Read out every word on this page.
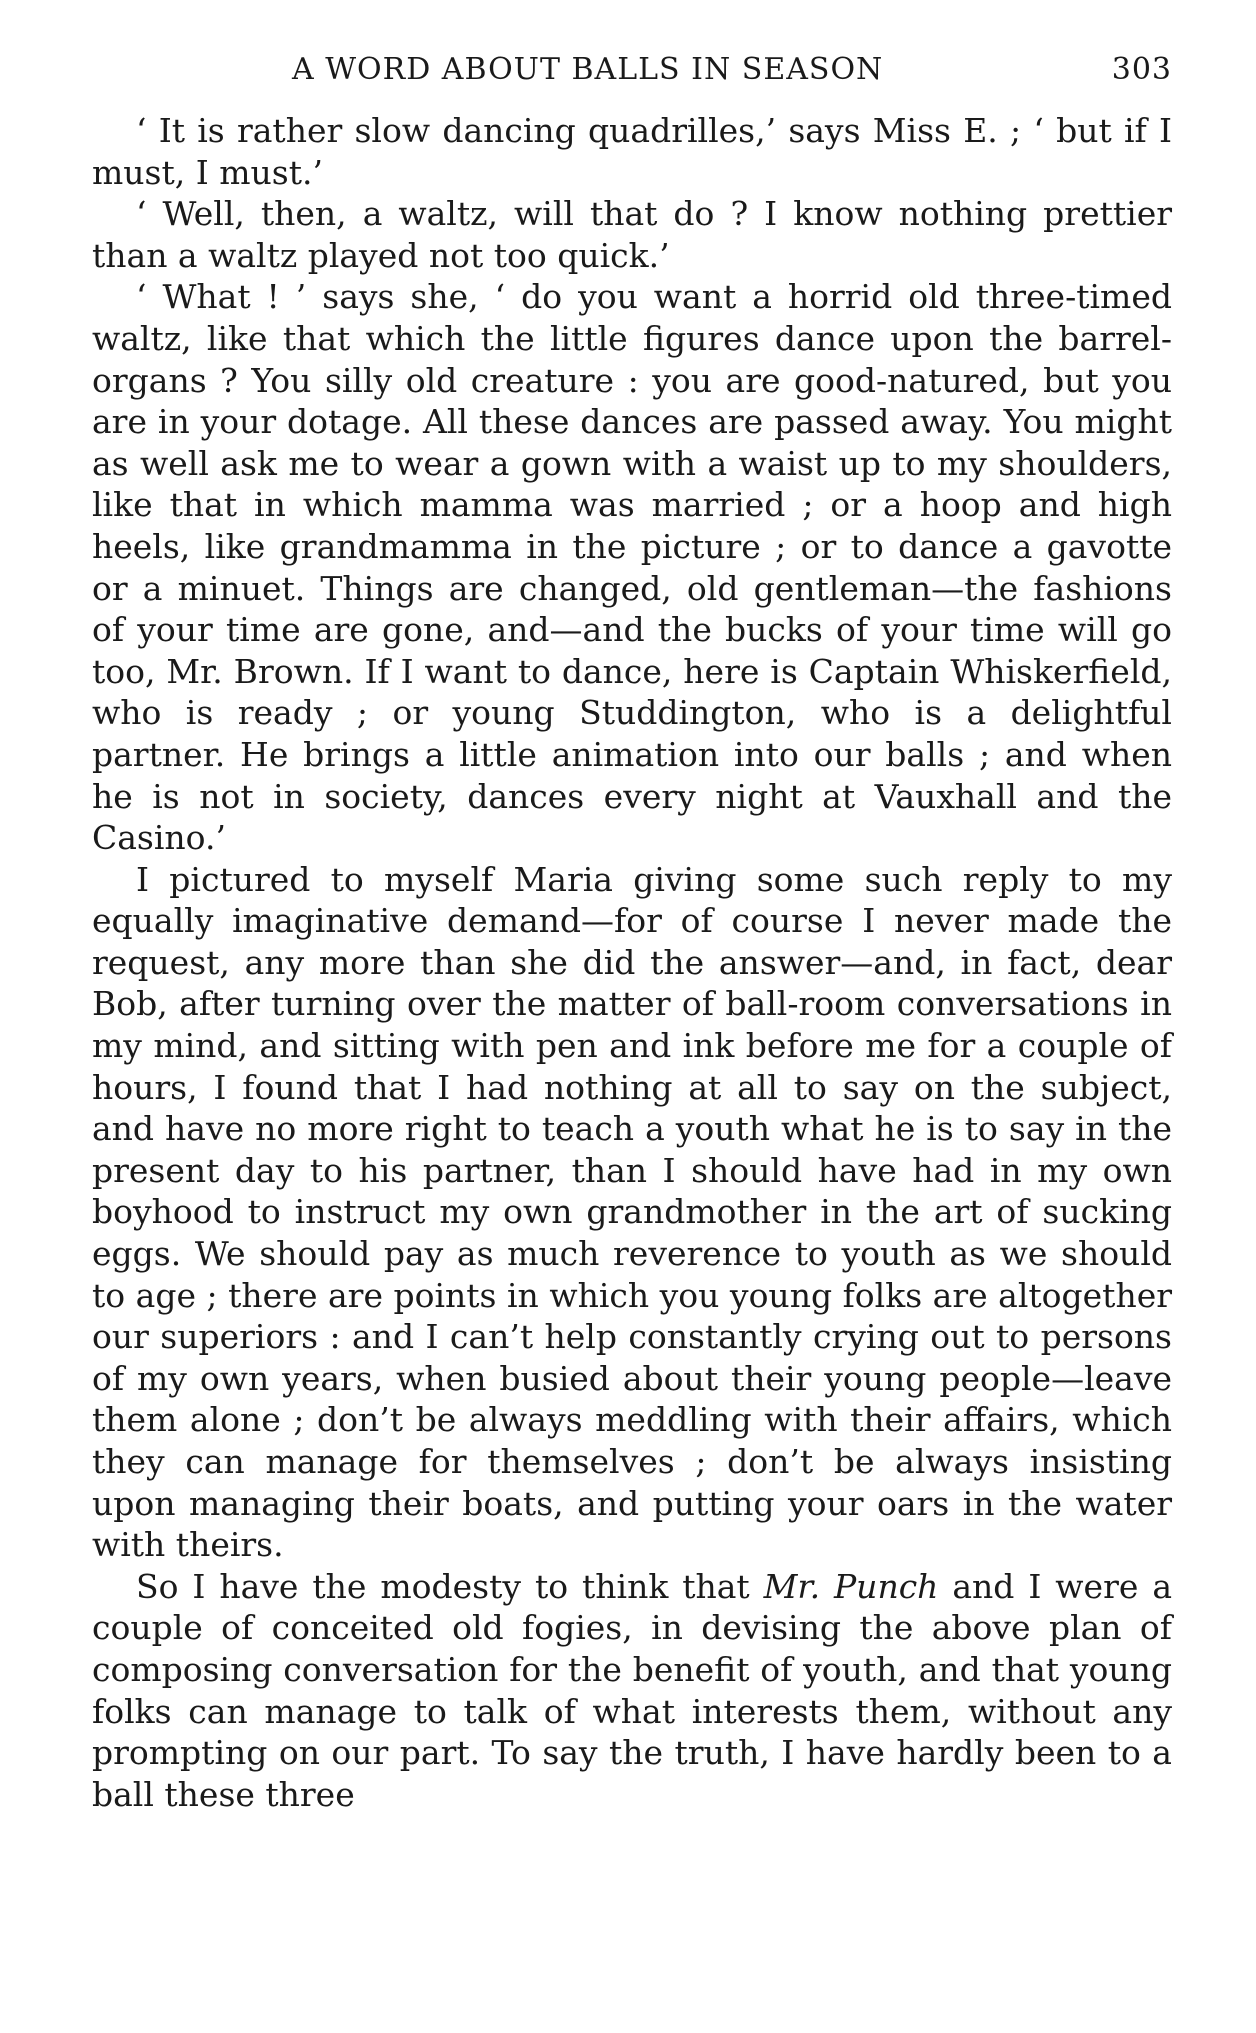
A WORD ABOUT BALLS IN SEASON	303

‘ It is rather slow dancing quadrilles,’ says Miss E. ; ‘ but if I must, I must.’

‘ Well, then, a waltz, will that do ? I know nothing prettier than a waltz played not too quick.’

‘ What ! ’ says she, ‘ do you want a horrid old three-timed waltz, like that which the little figures dance upon the barrel-organs ? You silly old creature : you are good-natured, but you are in your dotage. All these dances are passed away. You might as well ask me to wear a gown with a waist up to my shoulders, like that in which mamma was married ; or a hoop and high heels, like grandmamma in the picture ; or to dance a gavotte or a minuet. Things are changed, old gentleman—the fashions of your time are gone, and—and the bucks of your time will go too, Mr. Brown. If I want to dance, here is Captain Whiskerfield, who is ready ; or young Studdington, who is a delightful partner. He brings a little animation into our balls ; and when he is not in society, dances every night at Vauxhall and the Casino.’

I pictured to myself Maria giving some such reply to my equally imaginative demand—for of course I never made the request, any more than she did the answer—and, in fact, dear Bob, after turning over the matter of ball-room conversations in my mind, and sitting with pen and ink before me for a couple of hours, I found that I had nothing at all to say on the subject, and have no more right to teach a youth what he is to say in the present day to his partner, than I should have had in my own boyhood to instruct my own grandmother in the art of sucking eggs. We should pay as much reverence to youth as we should to age ; there are points in which you young folks are altogether our superiors : and I can’t help constantly crying out to persons of my own years, when busied about their young people—leave them alone ; don’t be always meddling with their affairs, which they can manage for themselves ; don’t be always insisting upon managing their boats, and putting your oars in the water with theirs.

So I have the modesty to think that Mr. Punch and I were a couple of conceited old fogies, in devising the above plan of composing conversation for the benefit of youth, and that young folks can manage to talk of what interests them, without any prompting on our part. To say the truth, I have hardly been to a ball these three
